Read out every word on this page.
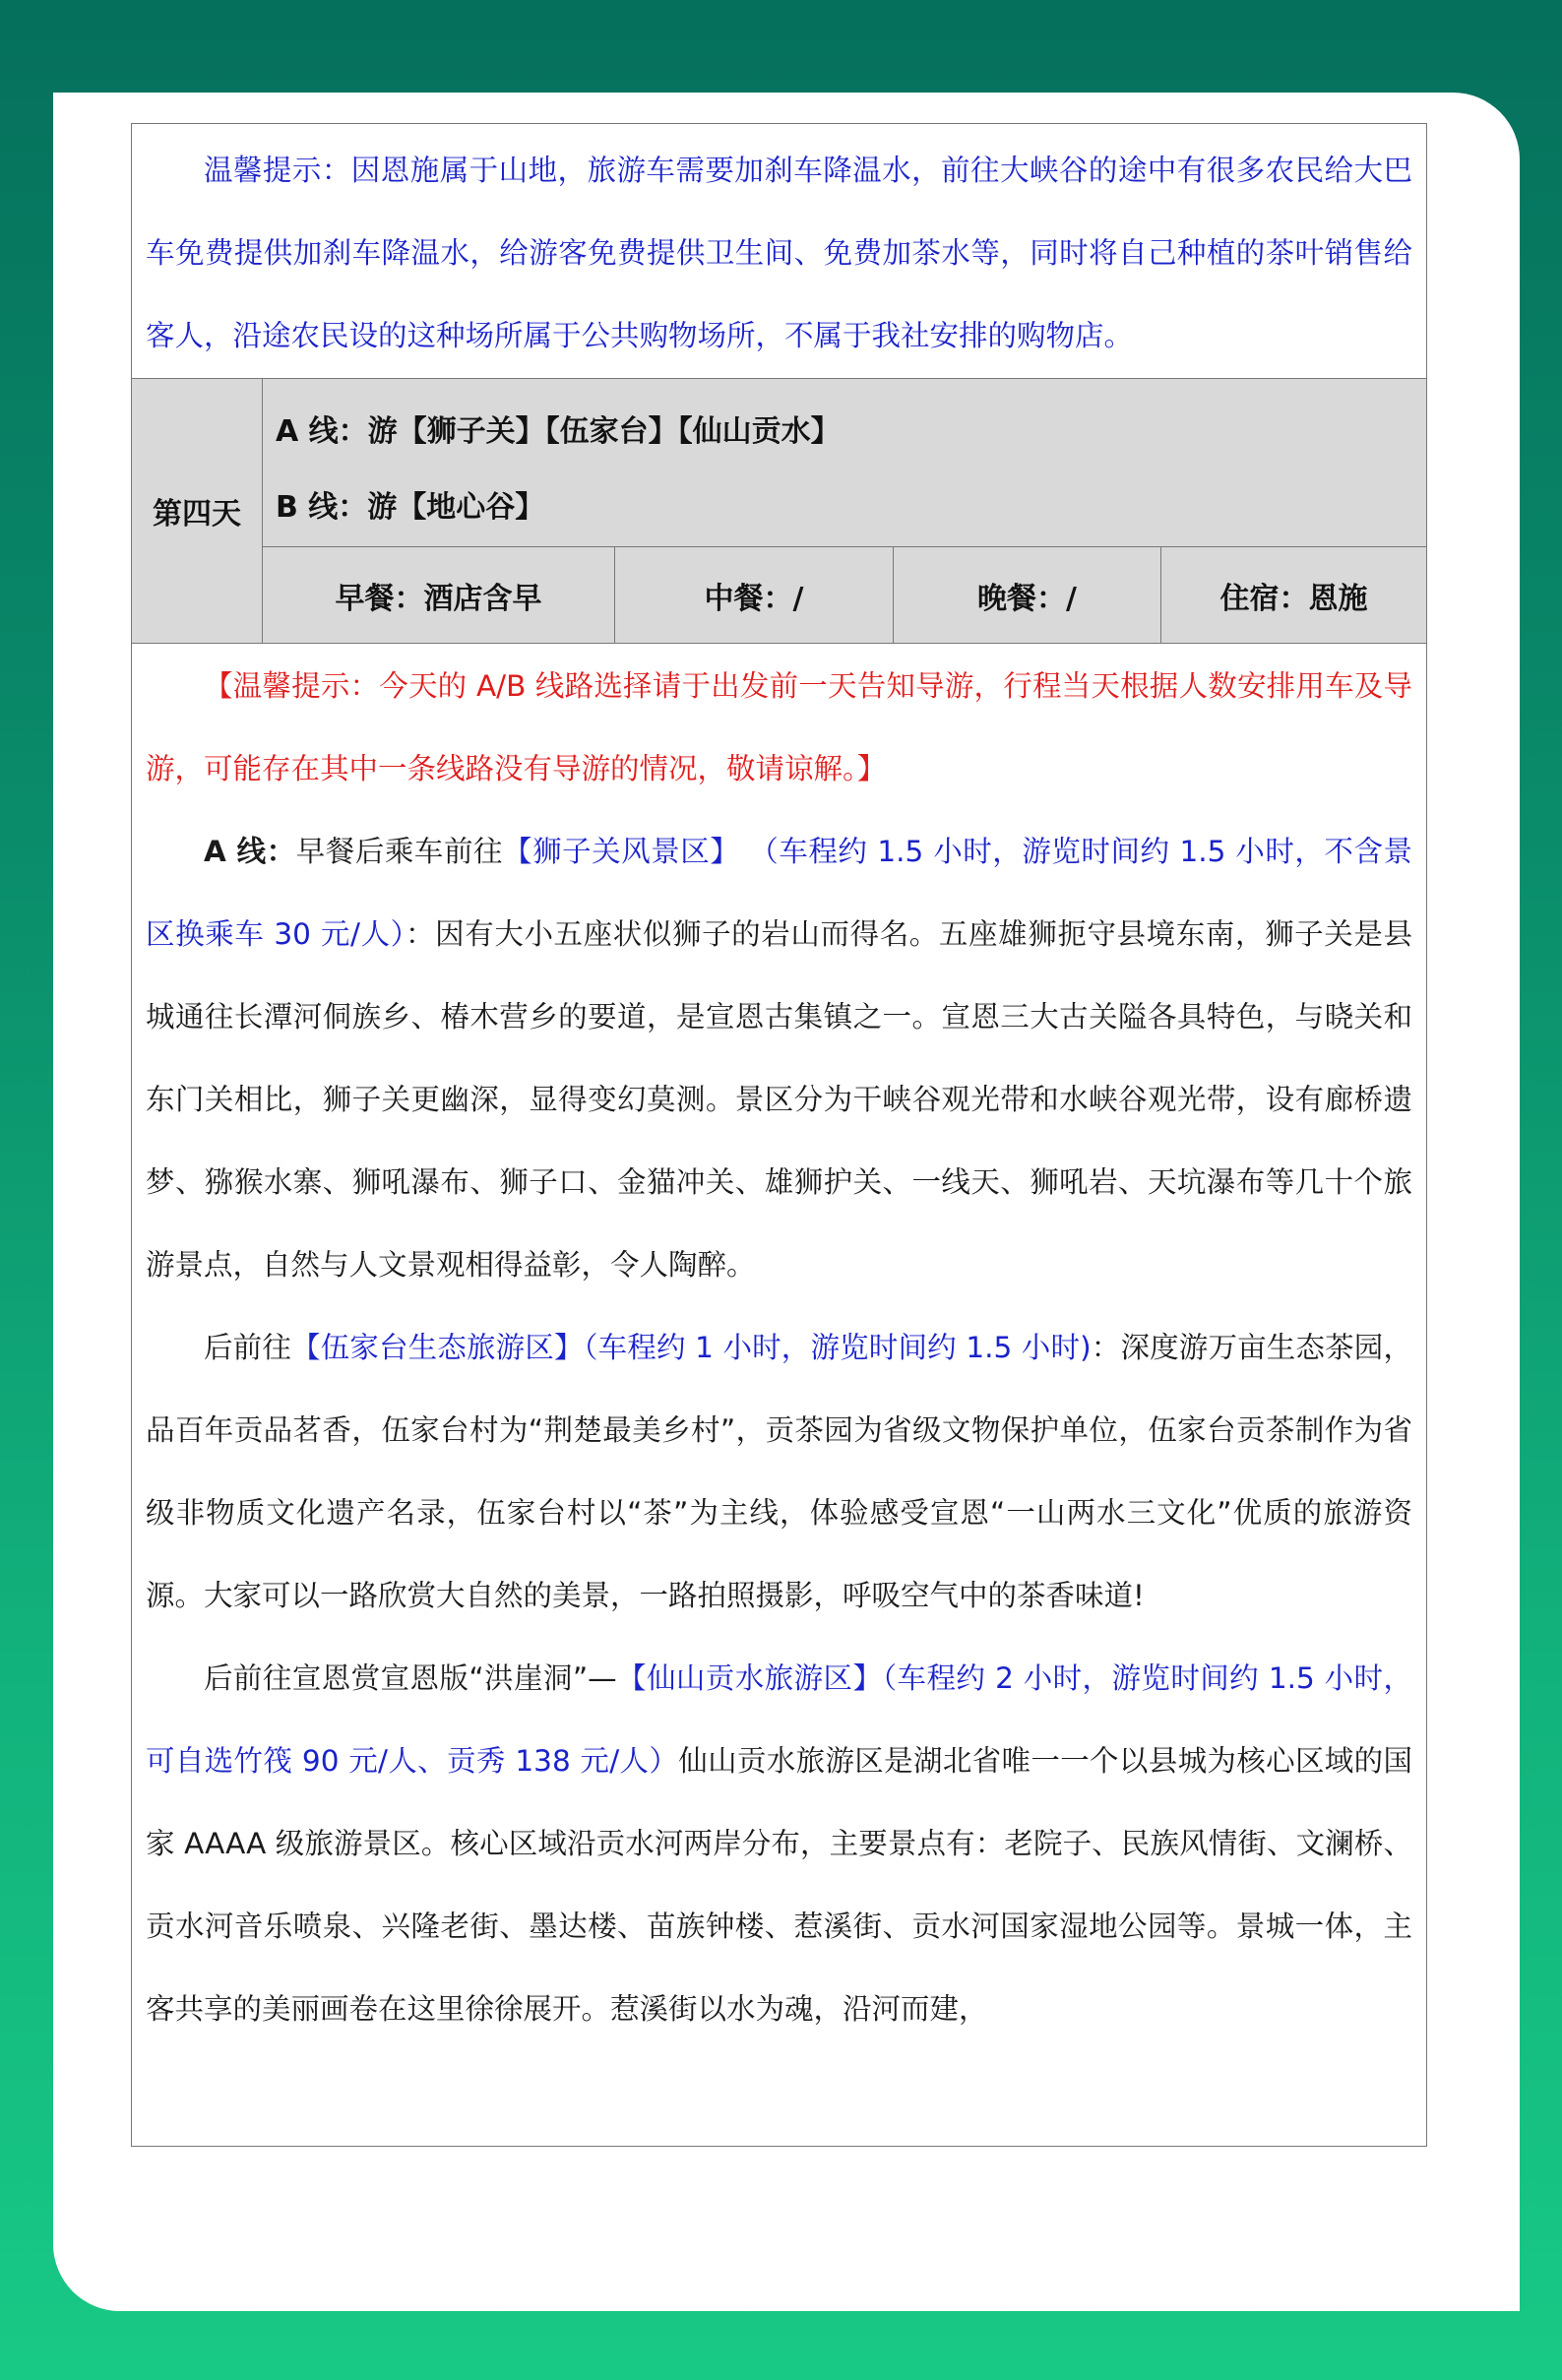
温馨提示：因恩施属于山地，旅游车需要加刹车降温水，前往大峡谷的途中有很多农民给大巴车免费提供加刹车降温水，给游客免费提供卫生间、免费加茶水等，同时将自己种植的茶叶销售给客人，沿途农民设的这种场所属于公共购物场所，不属于我社安排的购物店。

第四天
A 线：游【狮子关】【伍家台】【仙山贡水】
B 线：游【地心谷】
早餐：酒店含早	中餐：/	晚餐：/	住宿：恩施

【温馨提示：今天的 A/B 线路选择请于出发前一天告知导游，行程当天根据人数安排用车及导游，可能存在其中一条线路没有导游的情况，敬请谅解。】

A 线：早餐后乘车前往【狮子关风景区】 （车程约 1.5 小时，游览时间约 1.5 小时，不含景区换乘车 30 元/人）：因有大小五座状似狮子的岩山而得名。五座雄狮扼守县境东南，狮子关是县城通往长潭河侗族乡、椿木营乡的要道，是宣恩古集镇之一。宣恩三大古关隘各具特色，与晓关和东门关相比，狮子关更幽深，显得变幻莫测。景区分为干峡谷观光带和水峡谷观光带，设有廊桥遗梦、猕猴水寨、狮吼瀑布、狮子口、金猫冲关、雄狮护关、一线天、狮吼岩、天坑瀑布等几十个旅游景点，自然与人文景观相得益彰，令人陶醉。

后前往【伍家台生态旅游区】（车程约 1 小时，游览时间约 1.5 小时)：深度游万亩生态茶园，品百年贡品茗香，伍家台村为“荆楚最美乡村”，贡茶园为省级文物保护单位，伍家台贡茶制作为省级非物质文化遗产名录，伍家台村以“茶”为主线，体验感受宣恩“一山两水三文化”优质的旅游资源。大家可以一路欣赏大自然的美景，一路拍照摄影，呼吸空气中的茶香味道!

后前往宣恩赏宣恩版“洪崖洞”—【仙山贡水旅游区】（车程约 2 小时，游览时间约 1.5 小时，可自选竹筏 90 元/人、贡秀 138 元/人）仙山贡水旅游区是湖北省唯一一个以县城为核心区域的国家 AAAA 级旅游景区。核心区域沿贡水河两岸分布，主要景点有：老院子、民族风情街、文澜桥、贡水河音乐喷泉、兴隆老街、墨达楼、苗族钟楼、惹溪街、贡水河国家湿地公园等。景城一体，主客共享的美丽画卷在这里徐徐展开。惹溪街以水为魂，沿河而建，
